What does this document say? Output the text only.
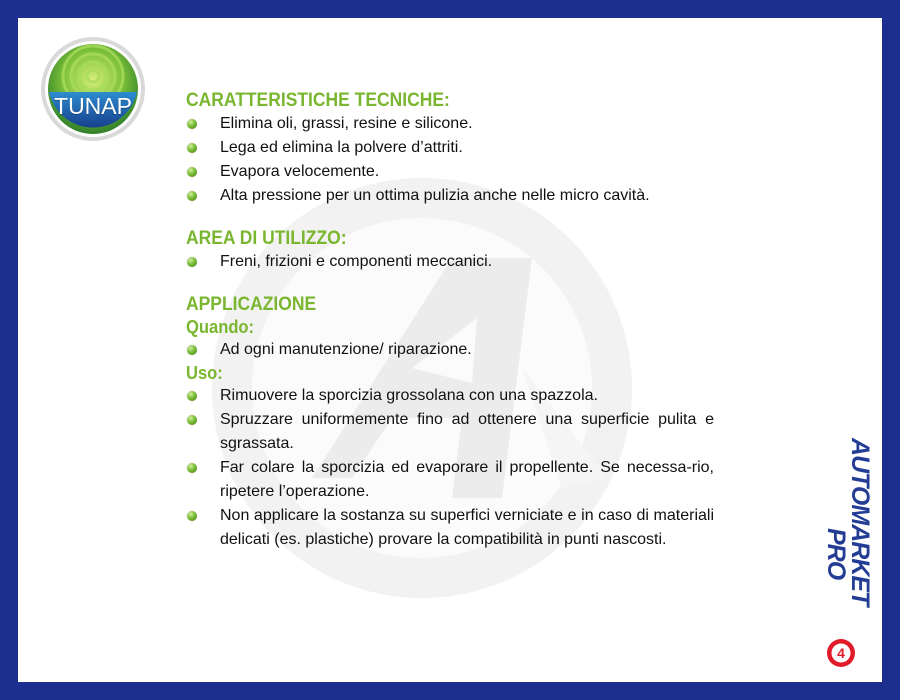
TUNAP	CARATTERISTICHE TECNICHE:
Elimina oli, grassi, resine e silicone.
Lega ed elimina la polvere d’attriti.
Evapora velocemente.
Alta pressione per un ottima pulizia anche nelle micro cavità.
AREA DI UTILIZZO:
Freni, frizioni e componenti meccanici.
APPLICAZIONE
Quando:
Ad ogni manutenzione/ riparazione.
Uso:
Rimuovere la sporcizia grossolana con una spazzola.
Spruzzare uniformemente fino ad ottenere una superficie pulita e sgrassata.
Far colare la sporcizia ed evaporare il propellente. Se necessa-rio, ripetere l’operazione.
Non applicare la sostanza su superfici verniciate e in caso di materiali delicati (es. plastiche) provare la compatibilità in punti nascosti.	AUTOMARKET
PRO
4
